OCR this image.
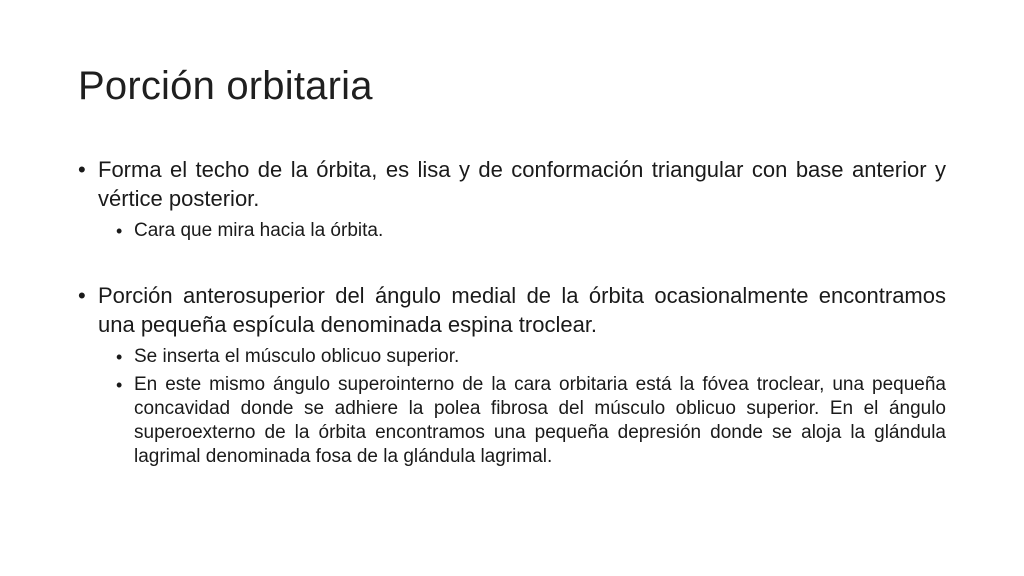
Porción orbitaria
• Forma el techo de la órbita, es lisa y de conformación triangular con base anterior y vértice posterior.
• Cara que mira hacia la órbita.
• Porción anterosuperior del ángulo medial de la órbita ocasionalmente encontramos una pequeña espícula denominada espina troclear.
• Se inserta el músculo oblicuo superior.
• En este mismo ángulo superointerno de la cara orbitaria está la fóvea troclear, una pequeña concavidad donde se adhiere la polea fibrosa del músculo oblicuo superior. En el ángulo superoexterno de la órbita encontramos una pequeña depresión donde se aloja la glándula lagrimal denominada fosa de la glándula lagrimal.
